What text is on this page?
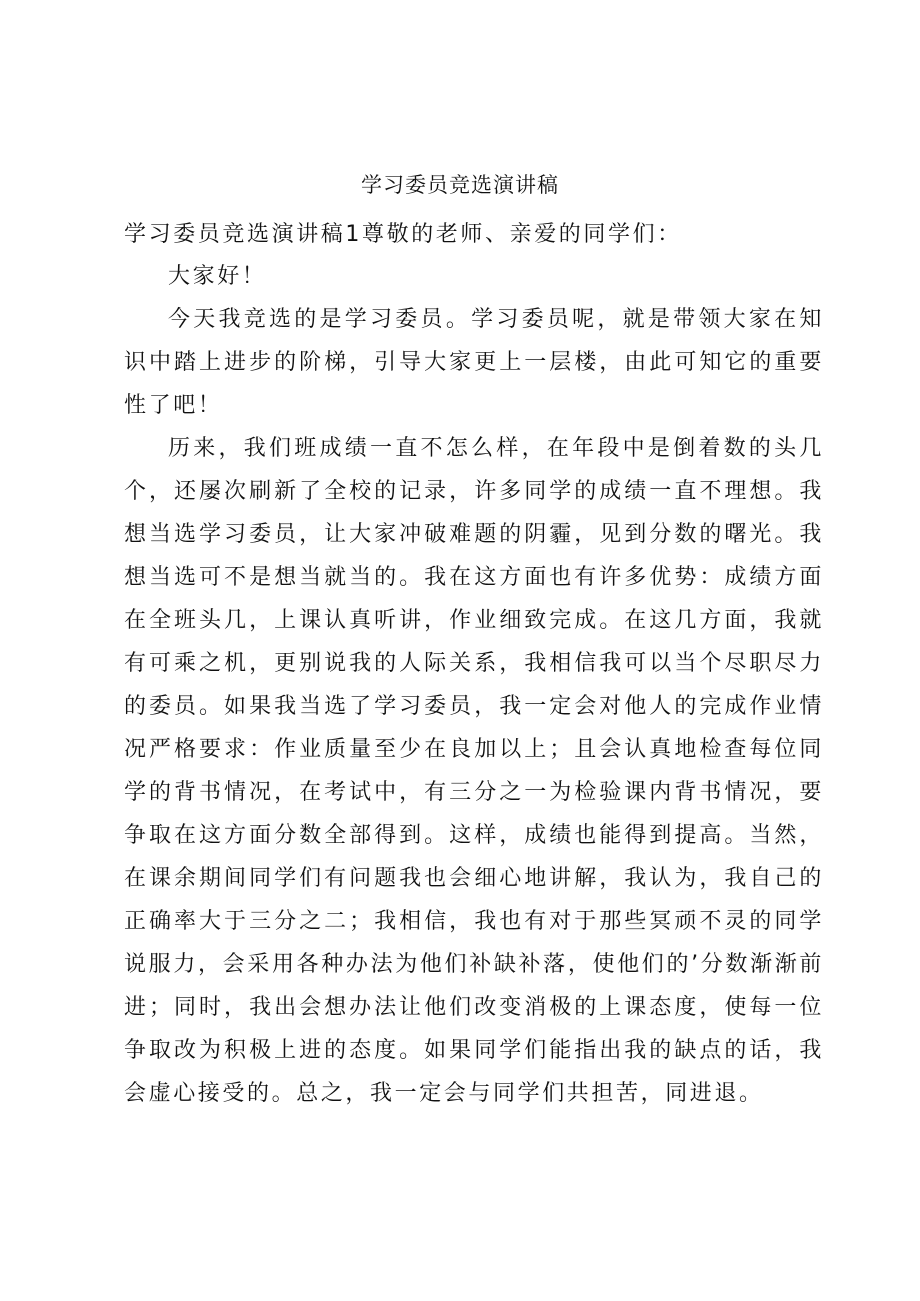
学习委员竞选演讲稿

学习委员竞选演讲稿1尊敬的老师、亲爱的同学们：

大家好！

今天我竞选的是学习委员。学习委员呢，就是带领大家在知识中踏上进步的阶梯，引导大家更上一层楼，由此可知它的重要性了吧！

历来，我们班成绩一直不怎么样，在年段中是倒着数的头几个，还屡次刷新了全校的记录，许多同学的成绩一直不理想。我想当选学习委员，让大家冲破难题的阴霾，见到分数的曙光。我想当选可不是想当就当的。我在这方面也有许多优势：成绩方面在全班头几，上课认真听讲，作业细致完成。在这几方面，我就有可乘之机，更别说我的人际关系，我相信我可以当个尽职尽力的委员。如果我当选了学习委员，我一定会对他人的完成作业情况严格要求：作业质量至少在良加以上；且会认真地检查每位同学的背书情况，在考试中，有三分之一为检验课内背书情况，要争取在这方面分数全部得到。这样，成绩也能得到提高。当然，在课余期间同学们有问题我也会细心地讲解，我认为，我自己的正确率大于三分之二；我相信，我也有对于那些冥顽不灵的同学说服力，会采用各种办法为他们补缺补落，使他们的’分数渐渐前进；同时，我出会想办法让他们改变消极的上课态度，使每一位争取改为积极上进的态度。如果同学们能指出我的缺点的话，我会虚心接受的。总之，我一定会与同学们共担苦，同进退。
